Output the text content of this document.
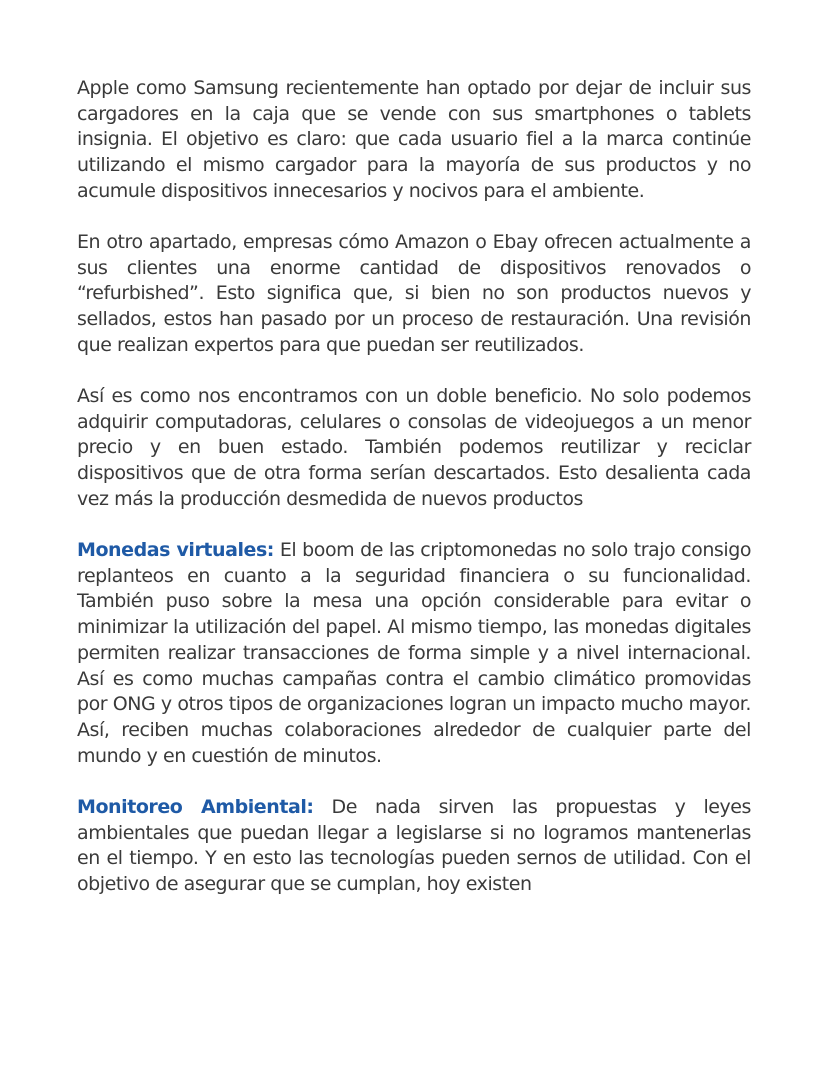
Apple como Samsung recientemente han optado por dejar de incluir sus cargadores en la caja que se vende con sus smartphones o tablets insignia. El objetivo es claro: que cada usuario fiel a la marca continúe utilizando el mismo cargador para la mayoría de sus productos y no acumule dispositivos innecesarios y nocivos para el ambiente.

En otro apartado, empresas cómo Amazon o Ebay ofrecen actualmente a sus clientes una enorme cantidad de dispositivos renovados o “refurbished”. Esto significa que, si bien no son productos nuevos y sellados, estos han pasado por un proceso de restauración. Una revisión que realizan expertos para que puedan ser reutilizados.

Así es como nos encontramos con un doble beneficio. No solo podemos adquirir computadoras, celulares o consolas de videojuegos a un menor precio y en buen estado. También podemos reutilizar y reciclar dispositivos que de otra forma serían descartados. Esto desalienta cada vez más la producción desmedida de nuevos productos

Monedas virtuales: El boom de las criptomonedas no solo trajo consigo replanteos en cuanto a la seguridad financiera o su funcionalidad. También puso sobre la mesa una opción considerable para evitar o minimizar la utilización del papel. Al mismo tiempo, las monedas digitales permiten realizar transacciones de forma simple y a nivel internacional. Así es como muchas campañas contra el cambio climático promovidas por ONG y otros tipos de organizaciones logran un impacto mucho mayor. Así, reciben muchas colaboraciones alrededor de cualquier parte del mundo y en cuestión de minutos.

Monitoreo Ambiental: De nada sirven las propuestas y leyes ambientales que puedan llegar a legislarse si no logramos mantenerlas en el tiempo. Y en esto las tecnologías pueden sernos de utilidad. Con el objetivo de asegurar que se cumplan, hoy existen
